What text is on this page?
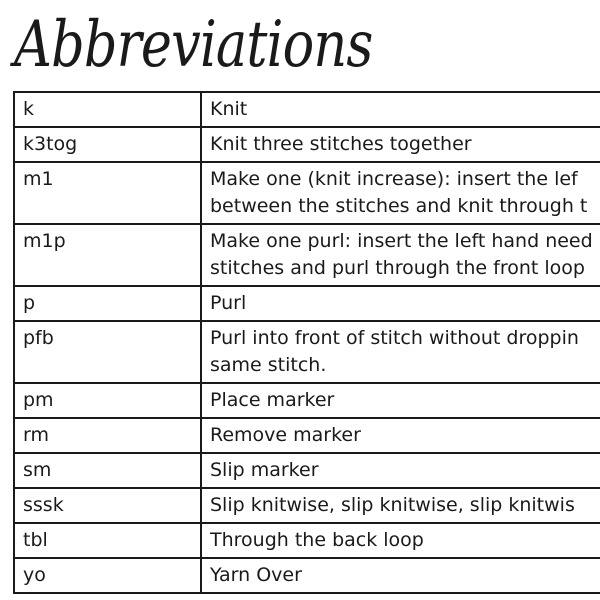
Abbreviations
k	Knit
k3tog	Knit three stitches together
m1	Make one (knit increase): insert the lef
between the stitches and knit through t

m1p	Make one purl: insert the left hand need
stitches and purl through the front loop

p	Purl
pfb	Purl into front of stitch without droppin
same stitch.

pm	Place marker
rm	Remove marker
sm	Slip marker
sssk	Slip knitwise, slip knitwise, slip knitwis
tbl	Through the back loop
yo	Yarn Over
